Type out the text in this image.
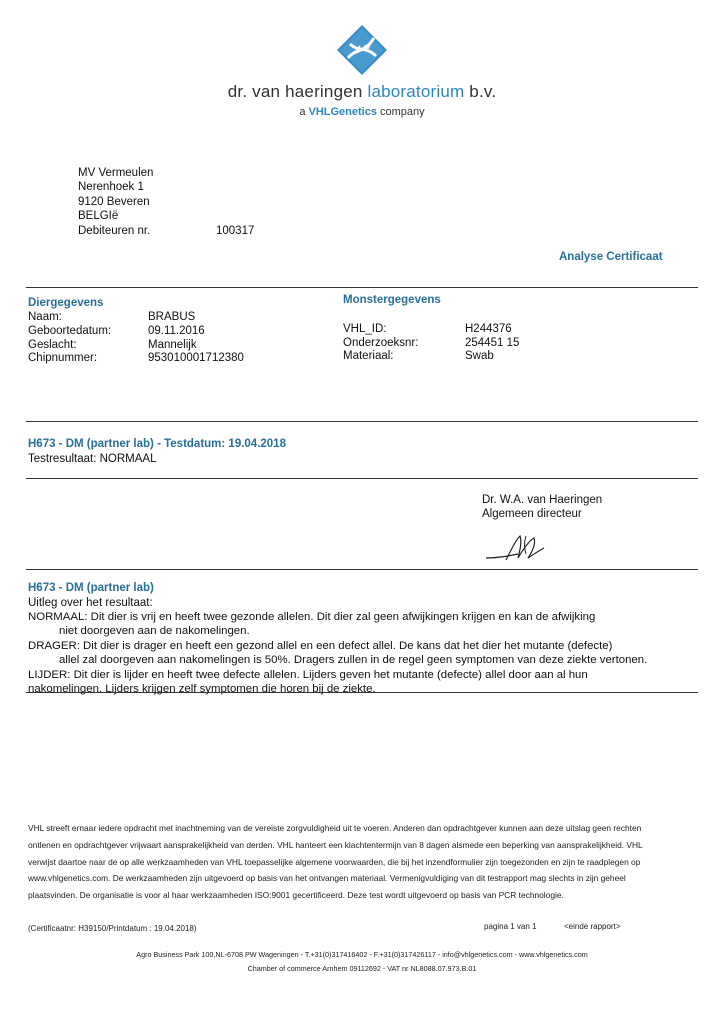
dr. van haeringen laboratorium b.v.
a VHLGenetics company
MV Vermeulen
Nerenhoek 1
9120 Beveren
BELGIë
Debiteuren nr.	100317
Analyse Certificaat
Diergegevens
Naam:	BRABUS
Geboortedatum:	09.11.2016
Geslacht:	Mannelijk
Chipnummer:	953010001712380
Monstergegevens
VHL_ID:	H244376
Onderzoeksnr:	254451 15
Materiaal:	Swab
H673 - DM (partner lab) - Testdatum: 19.04.2018
Testresultaat: NORMAAL
Dr. W.A. van Haeringen
Algemeen directeur
H673 - DM (partner lab)
Uitleg over het resultaat:
NORMAAL: Dit dier is vrij en heeft twee gezonde allelen. Dit dier zal geen afwijkingen krijgen en kan de afwijking
niet doorgeven aan de nakomelingen.
DRAGER: Dit dier is drager en heeft een gezond allel en een defect allel. De kans dat het dier het mutante (defecte)
allel zal doorgeven aan nakomelingen is 50%. Dragers zullen in de regel geen symptomen van deze ziekte vertonen.
LIJDER: Dit dier is lijder en heeft twee defecte allelen. Lijders geven het mutante (defecte) allel door aan al hun
nakomelingen. Lijders krijgen zelf symptomen die horen bij de ziekte.
VHL streeft ernaar iedere opdracht met inachtneming van de vereiste zorgvuldigheid uit te voeren. Anderen dan opdrachtgever kunnen aan deze uitslag geen rechten ontlenen en opdrachtgever vrijwaart aansprakelijkheid van derden. VHL hanteert een klachtentermijn van 8 dagen alsmede een beperking van aansprakelijkheid. VHL verwijst daartoe naar de op alle werkzaamheden van VHL toepasselijke algemene voorwaarden, die bij het inzendformulier zijn toegezonden en zijn te raadplegen op www.vhlgenetics.com. De werkzaamheden zijn uitgevoerd op basis van het ontvangen materiaal. Vermenigvuldiging van dit testrapport mag slechts in zijn geheel plaatsvinden. De organisatie is voor al haar werkzaamheden ISO:9001 gecertificeerd. Deze test wordt uitgevoerd op basis van PCR technologie.
(Certificaatnr: H39150/Printdatum : 19.04.2018)	pagina 1 van 1	<einde rapport>
Agro Business Park 100,NL-6708 PW Wageningen - T.+31(0)317416402 - F.+31(0)317426117 - info@vhlgenetics.com - www.vhlgenetics.com
Chamber of commerce Arnhem 09112692 - VAT nr NL8088.07.973.B.01
